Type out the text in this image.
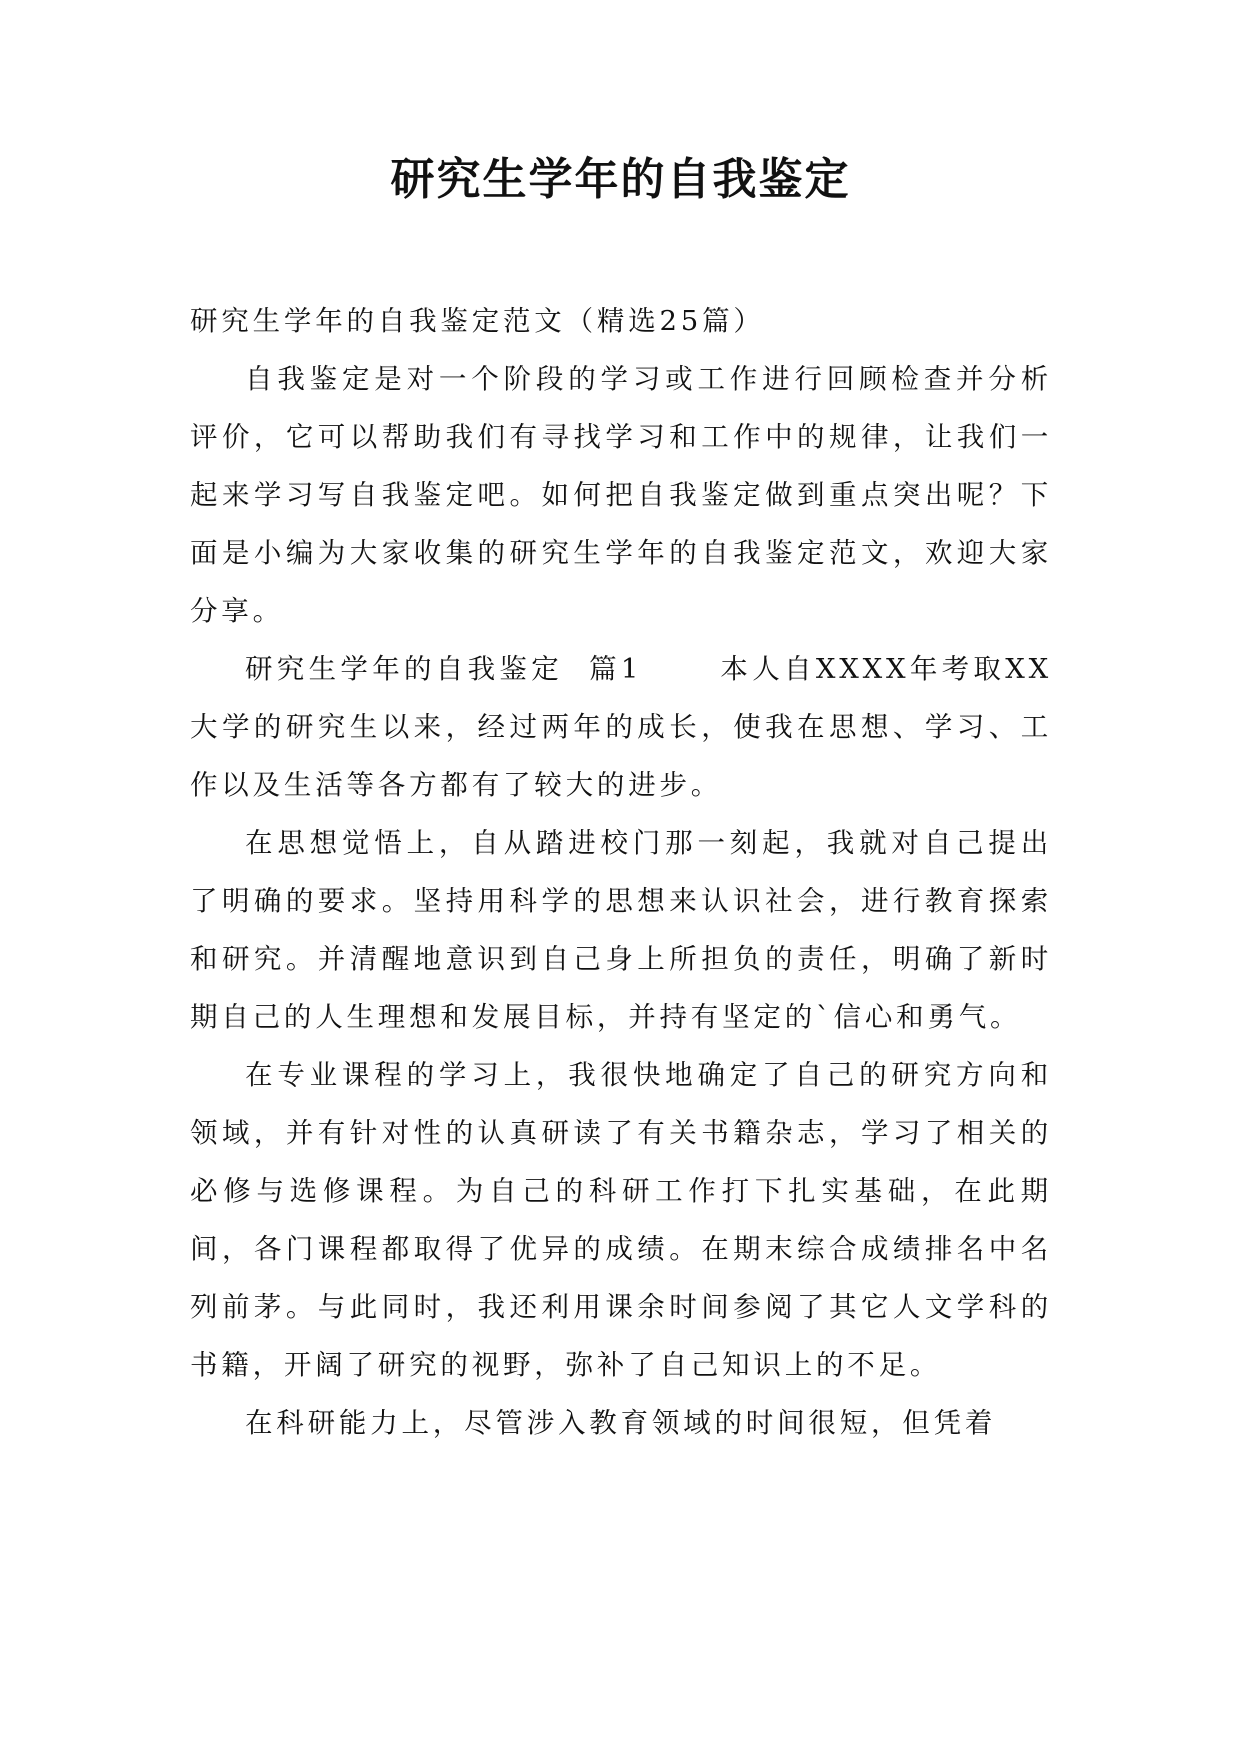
研究生学年的自我鉴定

研究生学年的自我鉴定范文（精选25篇）

自我鉴定是对一个阶段的学习或工作进行回顾检查并分析评价，它可以帮助我们有寻找学习和工作中的规律，让我们一起来学习写自我鉴定吧。如何把自我鉴定做到重点突出呢？下面是小编为大家收集的研究生学年的自我鉴定范文，欢迎大家分享。

研究生学年的自我鉴定  篇1      本人自XXXX年考取XX大学的研究生以来，经过两年的成长，使我在思想、学习、工作以及生活等各方都有了较大的进步。

在思想觉悟上，自从踏进校门那一刻起，我就对自己提出了明确的要求。坚持用科学的思想来认识社会，进行教育探索和研究。并清醒地意识到自己身上所担负的责任，明确了新时期自己的人生理想和发展目标，并持有坚定的`信心和勇气。

在专业课程的学习上，我很快地确定了自己的研究方向和领域，并有针对性的认真研读了有关书籍杂志，学习了相关的必修与选修课程。为自己的科研工作打下扎实基础，在此期间，各门课程都取得了优异的成绩。在期末综合成绩排名中名列前茅。与此同时，我还利用课余时间参阅了其它人文学科的书籍，开阔了研究的视野，弥补了自己知识上的不足。

在科研能力上，尽管涉入教育领域的时间很短，但凭着
